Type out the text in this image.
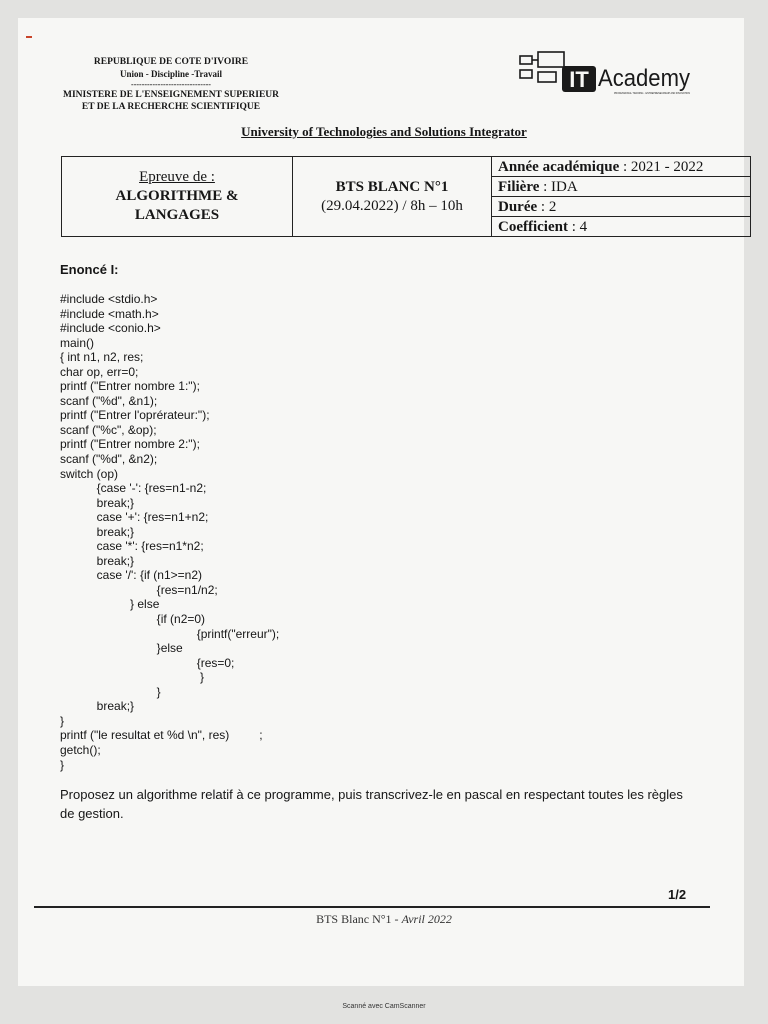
REPUBLIQUE DE COTE D'IVOIRE
Union - Discipline -Travail
------------------------------
MINISTERE DE L'ENSEIGNEMENT SUPERIEUR
ET DE LA RECHERCHE SCIENTIFIQUE
IT Academy
PROFESSIONAL TRAINING · ENTREPRENEURSHIP AND INNOVATION
University of Technologies and Solutions Integrator
Epreuve de :
ALGORITHME &
LANGAGES

BTS BLANC N°1
(29.04.2022) / 8h – 10h
	Année académique : 2021 - 2022
Filière : IDA
Durée : 2
Coefficient : 4
Enoncé I:
#include <stdio.h>
#include <math.h>
#include <conio.h>
main()
{ int n1, n2, res;
char op, err=0;
printf ("Entrer nombre 1:");
scanf ("%d", &n1);
printf ("Entrer l'oprérateur:");
scanf ("%c", &op);
printf ("Entrer nombre 2:");
scanf ("%d", &n2);
switch (op)
{case '-': {res=n1-n2;
break;}
case '+': {res=n1+n2;
break;}
case '*': {res=n1*n2;
break;}
case '/': {if (n1>=n2)
{res=n1/n2;
} else
{if (n2=0)
{printf("erreur");
}else
{res=0;
}
}
break;}
}
printf ("le resultat et %d \n", res)         ;
getch();
}
Proposez un algorithme relatif à ce programme, puis transcrivez-le en pascal en respectant toutes les règles de gestion.
1/2
BTS Blanc N°1 - Avril 2022
Scanné avec CamScanner
